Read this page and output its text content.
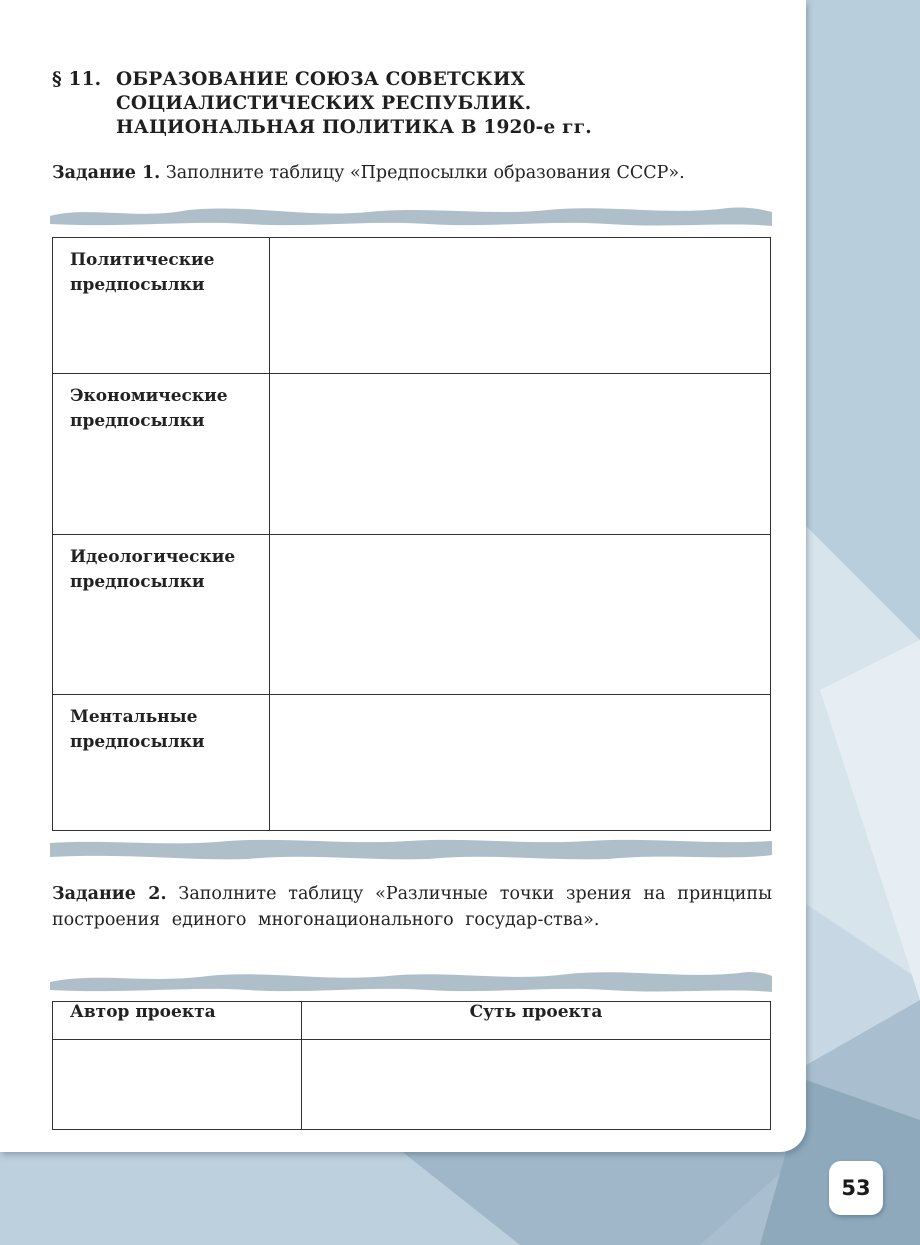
§ 11. ОБРАЗОВАНИЕ СОЮЗА СОВЕТСКИХ
СОЦИАЛИСТИЧЕСКИХ РЕСПУБЛИК.
НАЦИОНАЛЬНАЯ ПОЛИТИКА В 1920-е гг.

Задание 1. Заполните таблицу «Предпосылки образования СССР».

Политические
предпосылки	
Экономические
предпосылки	
Идеологические
предпосылки	
Ментальные
предпосылки	

Задание 2. Заполните таблицу «Различные точки зрения на принципы построения единого многонационального государ-ства».

Автор проекта	Суть проекта

53
